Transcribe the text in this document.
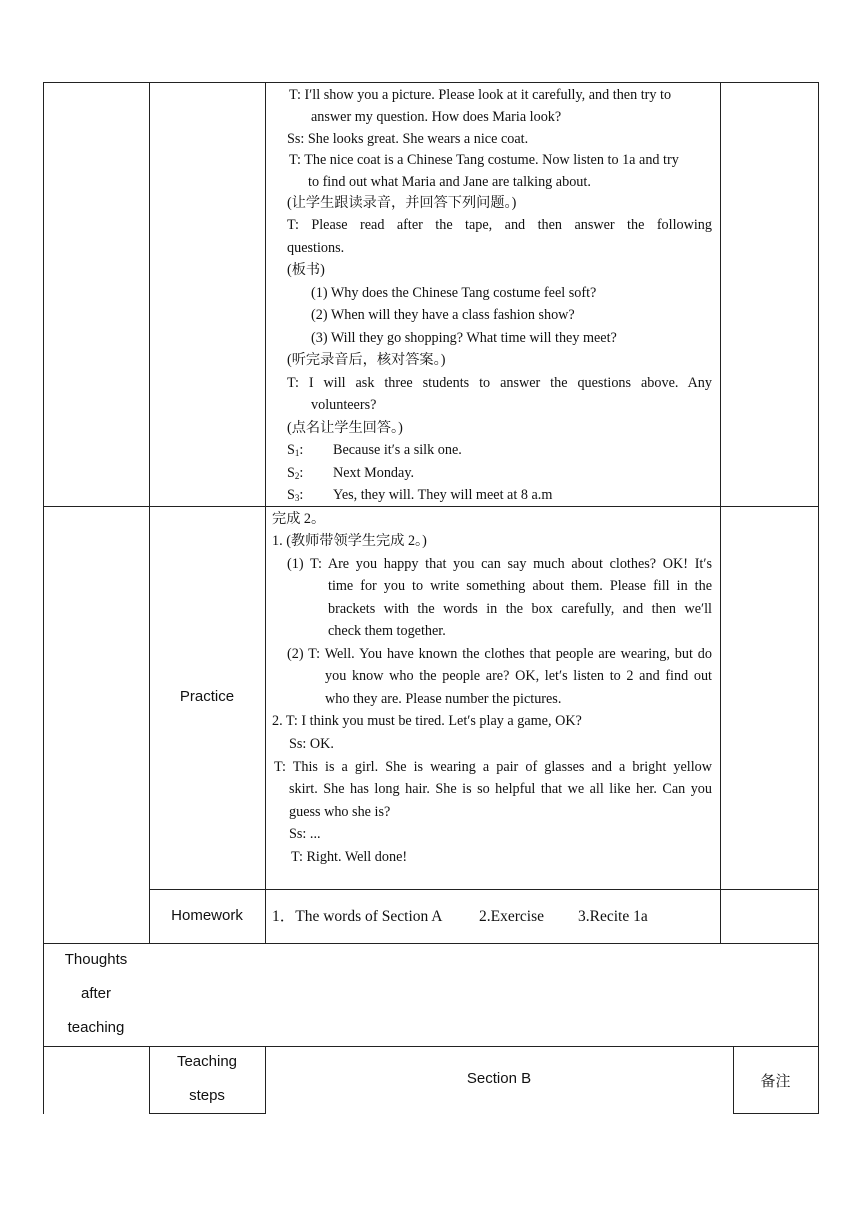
T: I′ll show you a picture. Please look at it carefully, and then try to
answer my question. How does Maria look?
Ss: She looks great. She wears a nice coat.
T: The nice coat is a Chinese Tang costume. Now listen to 1a and try
to find out what Maria and Jane are talking about.
(让学生跟读录音，并回答下列问题。)
T: Please read after the tape, and then answer the following
questions.
(板书)
(1) Why does the Chinese Tang costume feel soft?
(2) When will they have a class fashion show?
(3) Will they go shopping? What time will they meet?
(听完录音后，核对答案。)
T: I will ask three students to answer the questions above. Any
volunteers?
(点名让学生回答。)
$S_1$: Because it′s a silk one.
$S_2$: Next Monday.
$S_3$: Yes, they will. They will meet at 8 a.m
Practice
完成 2。
1. (教师带领学生完成 2。)
(1) T: Are you happy that you can say much about clothes? OK! It′s
time for you to write something about them. Please fill in the
brackets with the words in the box carefully, and then we′ll
check them together.
(2) T: Well. You have known the clothes that people are wearing, but do
you know who the people are? OK, let′s listen to 2 and find out
who they are. Please number the pictures.
2. T: I think you must be tired. Let′s play a game, OK?
Ss: OK.
T: This is a girl. She is wearing a pair of glasses and a bright yellow
skirt. She has long hair. She is so helpful that we all like her. Can you
guess who she is?
Ss: ...
T: Right. Well done!
Homework	1．The words of Section A 2.Exercise 3.Recite 1a
Thoughts
after
teaching
Teaching
steps
Section B	备注
